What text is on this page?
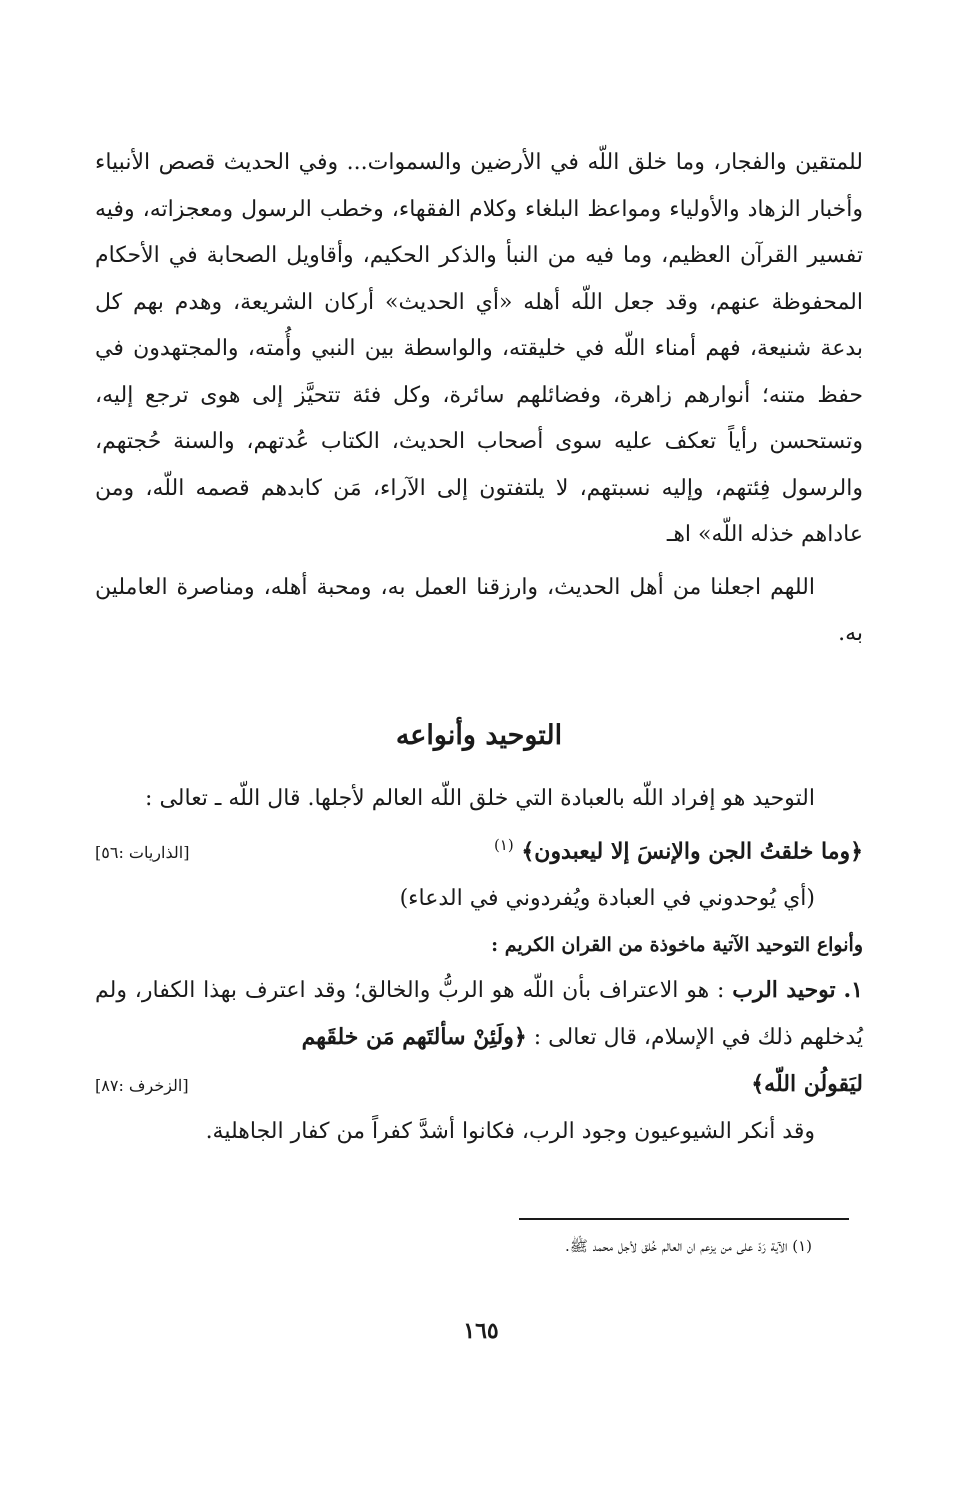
للمتقين والفجار، وما خلق اللّه في الأرضين والسموات... وفي الحديث قصص الأنبياء وأخبار الزهاد والأولياء ومواعظ البلغاء وكلام الفقهاء، وخطب الرسول ومعجزاته، وفيه تفسير القرآن العظيم، وما فيه من النبأ والذكر الحكيم، وأقاويل الصحابة في الأحكام المحفوظة عنهم، وقد جعل اللّه أهله «أي الحديث» أركان الشريعة، وهدم بهم كل بدعة شنيعة، فهم أمناء اللّه في خليقته، والواسطة بين النبي وأُمته، والمجتهدون في حفظ متنه؛ أنوارهم زاهرة، وفضائلهم سائرة، وكل فئة تتحيَّز إلى هوى ترجع إليه، وتستحسن رأياً تعكف عليه سوى أصحاب الحديث، الكتاب عُدتهم، والسنة حُجتهم، والرسول فِئتهم، وإليه نسبتهم، لا يلتفتون إلى الآراء، مَن كابدهم قصمه اللّه، ومن عاداهم خذله اللّه» اهـ

اللهم اجعلنا من أهل الحديث، وارزقنا العمل به، ومحبة أهله، ومناصرة العاملين به.

التوحيد وأنواعه

التوحيد هو إفراد اللّه بالعبادة التي خلق اللّه العالم لأجلها. قال اللّه ـ تعالى :

﴿وما خلقتُ الجن والإنسَ إلا ليعبدون﴾ $^{(١)}$
[الذاريات :٥٦]

(أي يُوحدوني في العبادة ويُفردوني في الدعاء)

وأنواع التوحيد الآتية ماخوذة من القران الكريم :

١. توحيد الرب : هو الاعتراف بأن اللّه هو الربُّ والخالق؛ وقد اعترف بهذا الكفار، ولم يُدخلهم ذلك في الإسلام، قال تعالى : ﴿ولَئِنْ سألتَهم مَن خلقَهم

ليَقولُن اللّه﴾
[الزخرف :٨٧]

وقد أنكر الشيوعيون وجود الرب، فكانوا أشدَّ كفراً من كفار الجاهلية.

(١) الآية رَدّ على من يزعم ان العالم خُلق لأجل محمد ﷺ.
١٦٥
